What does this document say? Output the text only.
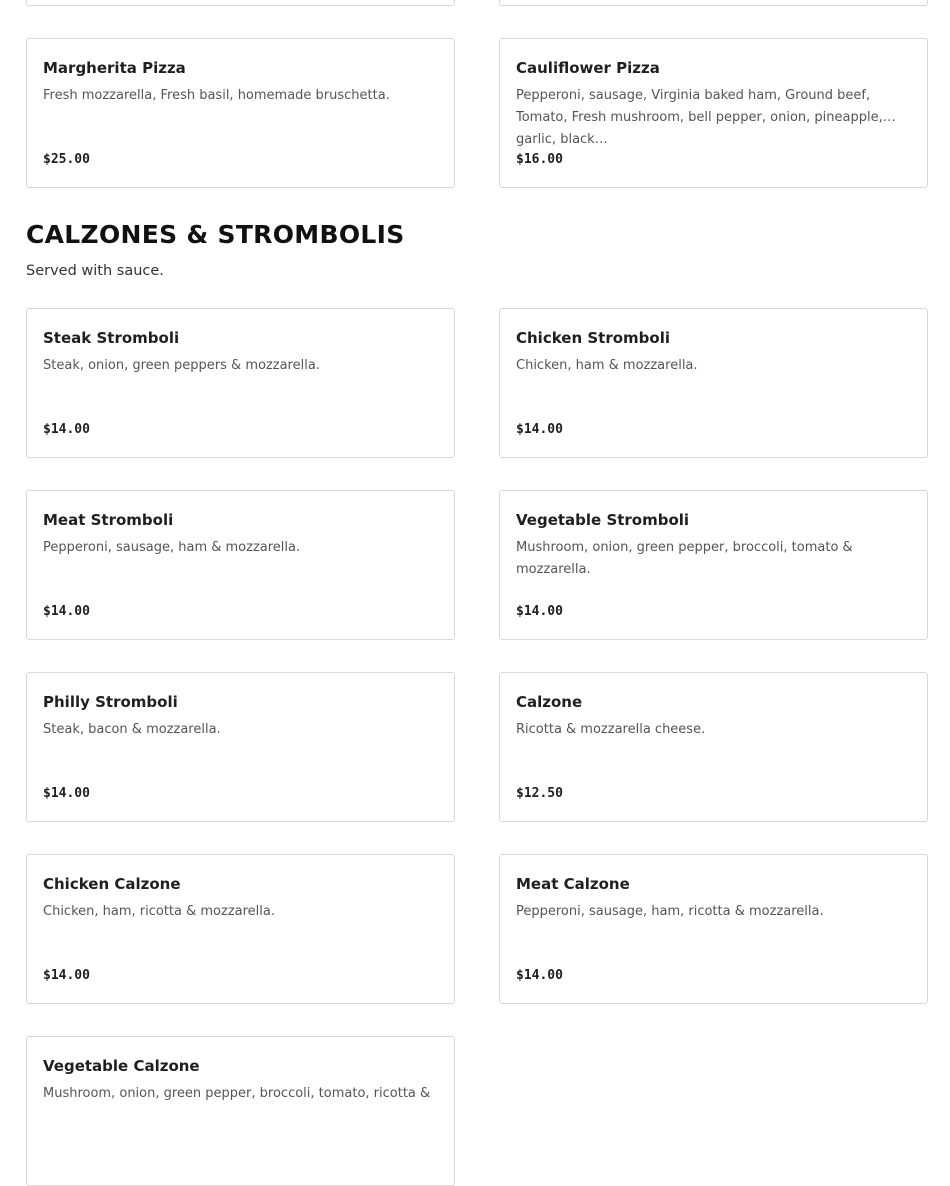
Margherita Pizza
Fresh mozzarella, Fresh basil, homemade bruschetta.
$25.00
Cauliflower Pizza
Pepperoni, sausage, Virginia baked ham, Ground beef, Tomato, Fresh mushroom, bell pepper, onion, pineapple, garlic, black…
$16.00
CALZONES & STROMBOLIS
Served with sauce.
Steak Stromboli
Steak, onion, green peppers & mozzarella.
$14.00
Chicken Stromboli
Chicken, ham & mozzarella.
$14.00
Meat Stromboli
Pepperoni, sausage, ham & mozzarella.
$14.00
Vegetable Stromboli
Mushroom, onion, green pepper, broccoli, tomato & mozzarella.
$14.00
Philly Stromboli
Steak, bacon & mozzarella.
$14.00
Calzone
Ricotta & mozzarella cheese.
$12.50
Chicken Calzone
Chicken, ham, ricotta & mozzarella.
$14.00
Meat Calzone
Pepperoni, sausage, ham, ricotta & mozzarella.
$14.00
Vegetable Calzone
Mushroom, onion, green pepper, broccoli, tomato, ricotta &
